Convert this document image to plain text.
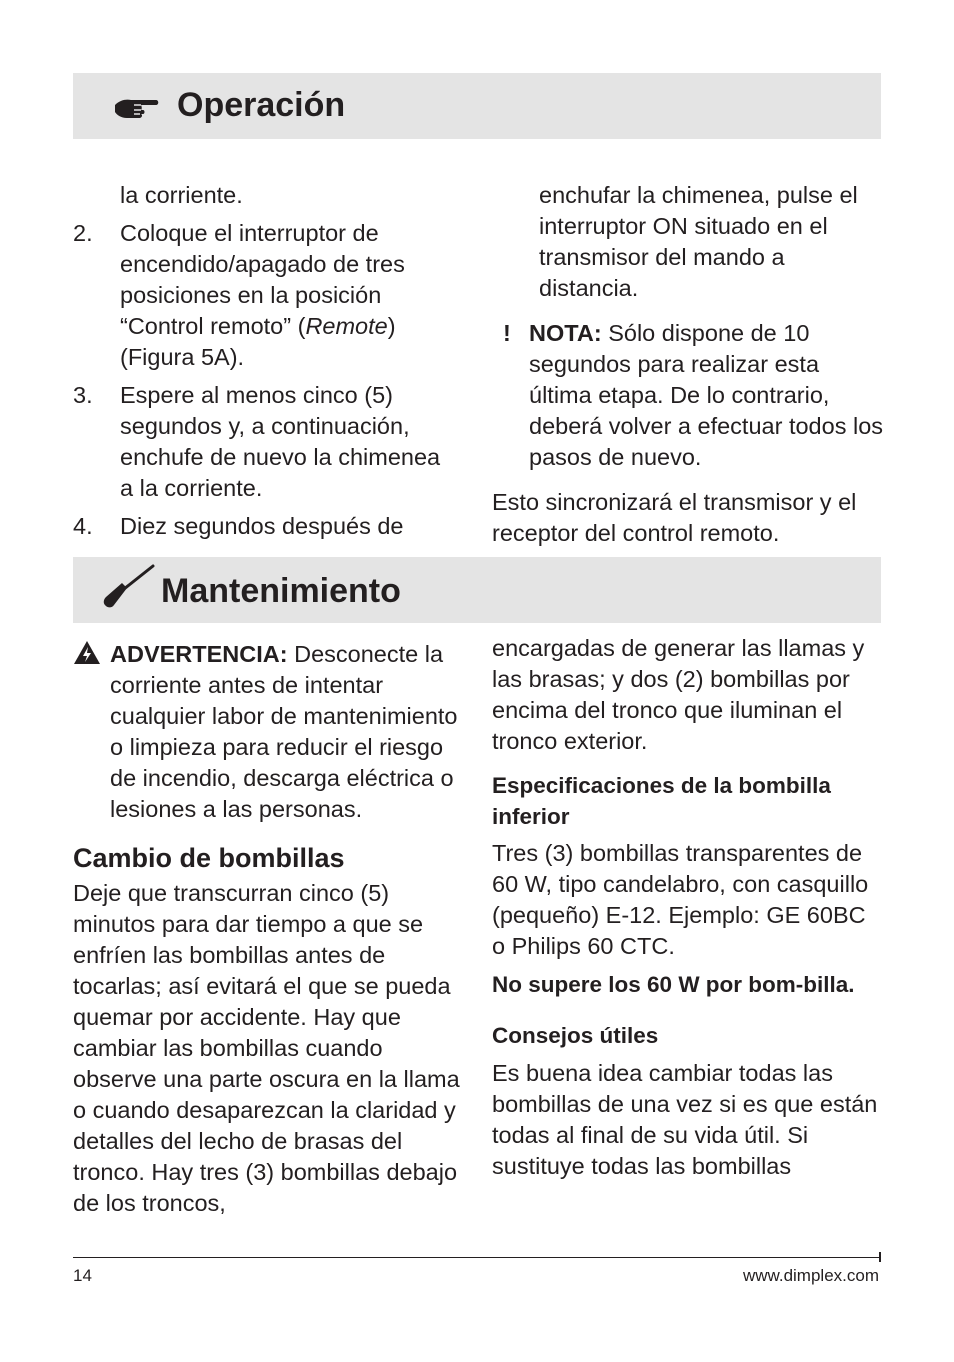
Operación

la corriente.

2. Coloque el interruptor de encendido/apagado de tres posiciones en la posición “Control remoto” (Remote) (Figura 5A).
3. Espere al menos cinco (5) segundos y, a continuación, enchufe de nuevo la chimenea a la corriente.
4. Diez segundos después de

enchufar la chimenea, pulse el interruptor ON situado en el transmisor del mando a distancia.

! NOTA: Sólo dispone de 10 segundos para realizar esta última etapa. De lo contrario, deberá volver a efectuar todos los pasos de nuevo.

Esto sincronizará el transmisor y el receptor del control remoto.

Mantenimiento
ADVERTENCIA: Desconecte la corriente antes de intentar cualquier labor de mantenimiento o limpieza para reducir el riesgo de incendio, descarga eléctrica o lesiones a las personas.

Cambio de bombillas

Deje que transcurran cinco (5) minutos para dar tiempo a que se enfríen las bombillas antes de tocarlas; así evitará el que se pueda quemar por accidente. Hay que cambiar las bombillas cuando observe una parte oscura en la llama o cuando desaparezcan la claridad y detalles del lecho de brasas del tronco. Hay tres (3) bombillas debajo de los troncos,

encargadas de generar las llamas y las brasas; y dos (2) bombillas por encima del tronco que iluminan el tronco exterior.

Especificaciones de la bombilla inferior

Tres (3) bombillas transparentes de 60 W, tipo candelabro, con casquillo (pequeño) E-12. Ejemplo: GE 60BC o Philips 60 CTC.

No supere los 60 W por bom-billa.

Consejos útiles

Es buena idea cambiar todas las bombillas de una vez si es que están todas al final de su vida útil. Si sustituye todas las bombillas

14	www.dimplex.com
